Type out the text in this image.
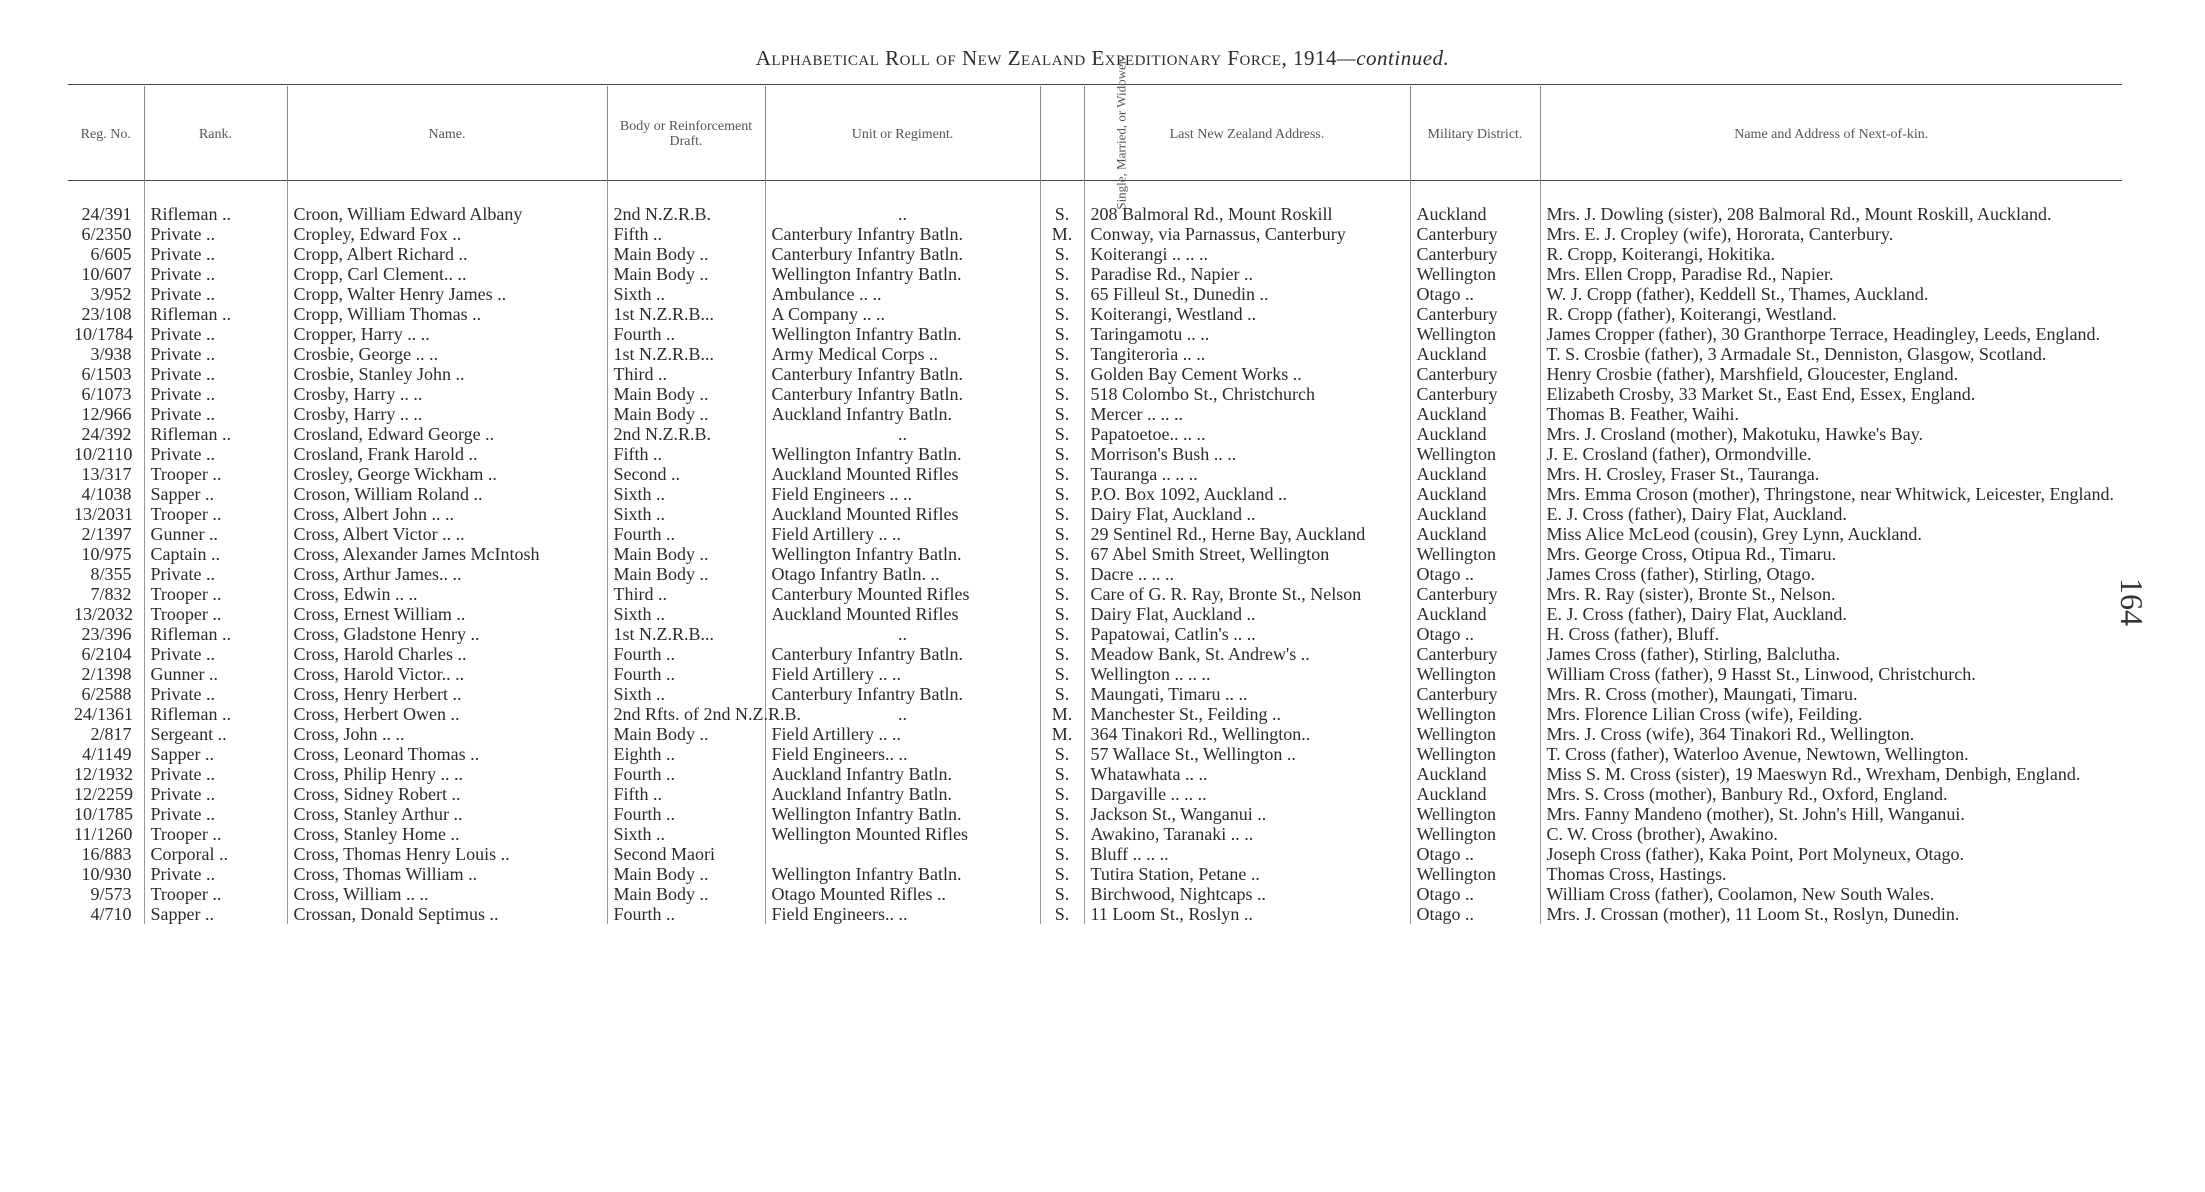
Alphabetical Roll of New Zealand Expeditionary Force, 1914—continued.
Reg. No.	Rank.	Name.	Body or Reinforcement Draft.	Unit or Regiment.	Single, Married, or Widower.	Last New Zealand Address.	Military District.	Name and Address of Next-of-kin.
24/391	Rifleman ..	Croon, William Edward Albany	2nd N.Z.R.B.	..	S.	208 Balmoral Rd., Mount Roskill	Auckland	Mrs. J. Dowling (sister), 208 Balmoral Rd., Mount Roskill, Auckland.
6/2350	Private ..	Cropley, Edward Fox ..	Fifth ..	Canterbury Infantry Batln.	M.	Conway, via Parnassus, Canterbury	Canterbury	Mrs. E. J. Cropley (wife), Hororata, Canterbury.
6/605	Private ..	Cropp, Albert Richard ..	Main Body ..	Canterbury Infantry Batln.	S.	Koiterangi .. .. ..	Canterbury	R. Cropp, Koiterangi, Hokitika.
10/607	Private ..	Cropp, Carl Clement.. ..	Main Body ..	Wellington Infantry Batln.	S.	Paradise Rd., Napier ..	Wellington	Mrs. Ellen Cropp, Paradise Rd., Napier.
3/952	Private ..	Cropp, Walter Henry James ..	Sixth ..	Ambulance .. ..	S.	65 Filleul St., Dunedin ..	Otago ..	W. J. Cropp (father), Keddell St., Thames, Auckland.
23/108	Rifleman ..	Cropp, William Thomas ..	1st N.Z.R.B...	A Company .. ..	S.	Koiterangi, Westland ..	Canterbury	R. Cropp (father), Koiterangi, Westland.
10/1784	Private ..	Cropper, Harry .. ..	Fourth ..	Wellington Infantry Batln.	S.	Taringamotu .. ..	Wellington	James Cropper (father), 30 Granthorpe Terrace, Headingley, Leeds, England.
3/938	Private ..	Crosbie, George .. ..	1st N.Z.R.B...	Army Medical Corps ..	S.	Tangiteroria .. ..	Auckland	T. S. Crosbie (father), 3 Armadale St., Denniston, Glasgow, Scotland.
6/1503	Private ..	Crosbie, Stanley John ..	Third ..	Canterbury Infantry Batln.	S.	Golden Bay Cement Works ..	Canterbury	Henry Crosbie (father), Marshfield, Gloucester, England.
6/1073	Private ..	Crosby, Harry .. ..	Main Body ..	Canterbury Infantry Batln.	S.	518 Colombo St., Christchurch	Canterbury	Elizabeth Crosby, 33 Market St., East End, Essex, England.
12/966	Private ..	Crosby, Harry .. ..	Main Body ..	Auckland Infantry Batln.	S.	Mercer .. .. ..	Auckland	Thomas B. Feather, Waihi.
24/392	Rifleman ..	Crosland, Edward George ..	2nd N.Z.R.B.	..	S.	Papatoetoe.. .. ..	Auckland	Mrs. J. Crosland (mother), Makotuku, Hawke's Bay.
10/2110	Private ..	Crosland, Frank Harold ..	Fifth ..	Wellington Infantry Batln.	S.	Morrison's Bush .. ..	Wellington	J. E. Crosland (father), Ormondville.
13/317	Trooper ..	Crosley, George Wickham ..	Second ..	Auckland Mounted Rifles	S.	Tauranga .. .. ..	Auckland	Mrs. H. Crosley, Fraser St., Tauranga.
4/1038	Sapper ..	Croson, William Roland ..	Sixth ..	Field Engineers .. ..	S.	P.O. Box 1092, Auckland ..	Auckland	Mrs. Emma Croson (mother), Thringstone, near Whitwick, Leicester, England.
13/2031	Trooper ..	Cross, Albert John .. ..	Sixth ..	Auckland Mounted Rifles	S.	Dairy Flat, Auckland ..	Auckland	E. J. Cross (father), Dairy Flat, Auckland.
2/1397	Gunner ..	Cross, Albert Victor .. ..	Fourth ..	Field Artillery .. ..	S.	29 Sentinel Rd., Herne Bay, Auckland	Auckland	Miss Alice McLeod (cousin), Grey Lynn, Auckland.
10/975	Captain ..	Cross, Alexander James McIntosh	Main Body ..	Wellington Infantry Batln.	S.	67 Abel Smith Street, Wellington	Wellington	Mrs. George Cross, Otipua Rd., Timaru.
8/355	Private ..	Cross, Arthur James.. ..	Main Body ..	Otago Infantry Batln. ..	S.	Dacre .. .. ..	Otago ..	James Cross (father), Stirling, Otago.
7/832	Trooper ..	Cross, Edwin .. ..	Third ..	Canterbury Mounted Rifles	S.	Care of G. R. Ray, Bronte St., Nelson	Canterbury	Mrs. R. Ray (sister), Bronte St., Nelson.
13/2032	Trooper ..	Cross, Ernest William ..	Sixth ..	Auckland Mounted Rifles	S.	Dairy Flat, Auckland ..	Auckland	E. J. Cross (father), Dairy Flat, Auckland.
23/396	Rifleman ..	Cross, Gladstone Henry ..	1st N.Z.R.B...	..	S.	Papatowai, Catlin's .. ..	Otago ..	H. Cross (father), Bluff.
6/2104	Private ..	Cross, Harold Charles ..	Fourth ..	Canterbury Infantry Batln.	S.	Meadow Bank, St. Andrew's ..	Canterbury	James Cross (father), Stirling, Balclutha.
2/1398	Gunner ..	Cross, Harold Victor.. ..	Fourth ..	Field Artillery .. ..	S.	Wellington .. .. ..	Wellington	William Cross (father), 9 Hasst St., Linwood, Christchurch.
6/2588	Private ..	Cross, Henry Herbert ..	Sixth ..	Canterbury Infantry Batln.	S.	Maungati, Timaru .. ..	Canterbury	Mrs. R. Cross (mother), Maungati, Timaru.
24/1361	Rifleman ..	Cross, Herbert Owen ..	2nd Rfts. of 2nd N.Z.R.B.	..	M.	Manchester St., Feilding ..	Wellington	Mrs. Florence Lilian Cross (wife), Feilding.
2/817	Sergeant ..	Cross, John .. ..	Main Body ..	Field Artillery .. ..	M.	364 Tinakori Rd., Wellington..	Wellington	Mrs. J. Cross (wife), 364 Tinakori Rd., Wellington.
4/1149	Sapper ..	Cross, Leonard Thomas ..	Eighth ..	Field Engineers.. ..	S.	57 Wallace St., Wellington ..	Wellington	T. Cross (father), Waterloo Avenue, Newtown, Wellington.
12/1932	Private ..	Cross, Philip Henry .. ..	Fourth ..	Auckland Infantry Batln.	S.	Whatawhata .. ..	Auckland	Miss S. M. Cross (sister), 19 Maeswyn Rd., Wrexham, Denbigh, England.
12/2259	Private ..	Cross, Sidney Robert ..	Fifth ..	Auckland Infantry Batln.	S.	Dargaville .. .. ..	Auckland	Mrs. S. Cross (mother), Banbury Rd., Oxford, England.
10/1785	Private ..	Cross, Stanley Arthur ..	Fourth ..	Wellington Infantry Batln.	S.	Jackson St., Wanganui ..	Wellington	Mrs. Fanny Mandeno (mother), St. John's Hill, Wanganui.
11/1260	Trooper ..	Cross, Stanley Home ..	Sixth ..	Wellington Mounted Rifles	S.	Awakino, Taranaki .. ..	Wellington	C. W. Cross (brother), Awakino.
16/883	Corporal ..	Cross, Thomas Henry Louis ..	Second Maori		S.	Bluff .. .. ..	Otago ..	Joseph Cross (father), Kaka Point, Port Molyneux, Otago.
10/930	Private ..	Cross, Thomas William ..	Main Body ..	Wellington Infantry Batln.	S.	Tutira Station, Petane ..	Wellington	Thomas Cross, Hastings.
9/573	Trooper ..	Cross, William .. ..	Main Body ..	Otago Mounted Rifles ..	S.	Birchwood, Nightcaps ..	Otago ..	William Cross (father), Coolamon, New South Wales.
4/710	Sapper ..	Crossan, Donald Septimus ..	Fourth ..	Field Engineers.. ..	S.	11 Loom St., Roslyn ..	Otago ..	Mrs. J. Crossan (mother), 11 Loom St., Roslyn, Dunedin.
164
